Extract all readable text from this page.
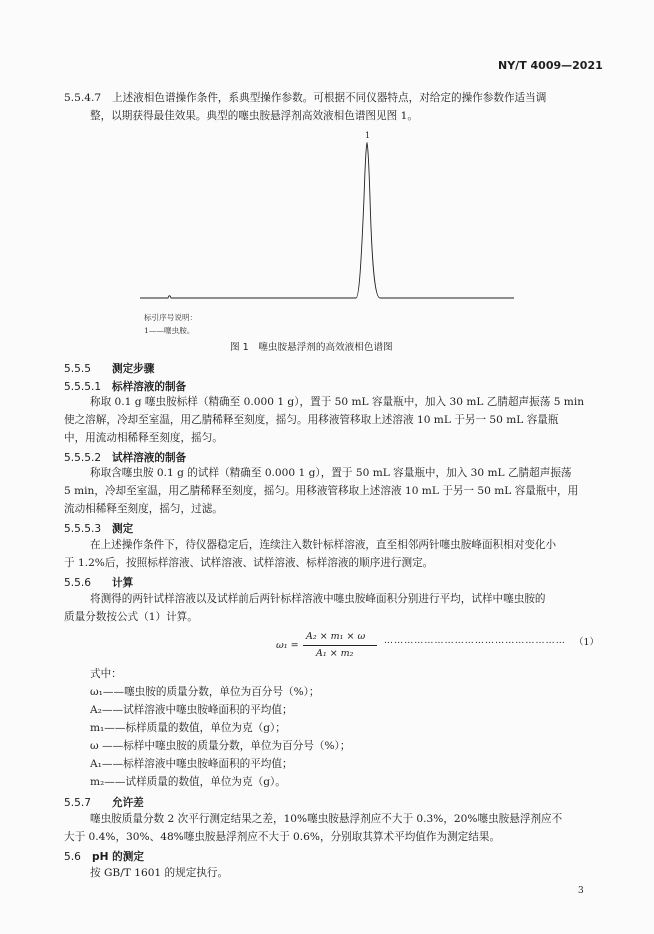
NY/T 4009—2021
5.5.4.7 上述液相色谱操作条件，系典型操作参数。可根据不同仪器特点，对给定的操作参数作适当调
整，以期获得最佳效果。典型的噻虫胺悬浮剂高效液相色谱图见图 1。
1
标引序号说明：
1——噻虫胺。
图 1　噻虫胺悬浮剂的高效液相色谱图
5.5.5 测定步骤
5.5.5.1 标样溶液的制备
称取 0.1 g 噻虫胺标样（精确至 0.000 1 g），置于 50 mL 容量瓶中，加入 30 mL 乙腈超声振荡 5 min
使之溶解，冷却至室温，用乙腈稀释至刻度，摇匀。用移液管移取上述溶液 10 mL 于另一 50 mL 容量瓶
中，用流动相稀释至刻度，摇匀。
5.5.5.2 试样溶液的制备
称取含噻虫胺 0.1 g 的试样（精确至 0.000 1 g），置于 50 mL 容量瓶中，加入 30 mL 乙腈超声振荡
5 min，冷却至室温，用乙腈稀释至刻度，摇匀。用移液管移取上述溶液 10 mL 于另一 50 mL 容量瓶中，用
流动相稀释至刻度，摇匀，过滤。
5.5.5.3 测定
在上述操作条件下，待仪器稳定后，连续注入数针标样溶液，直至相邻两针噻虫胺峰面积相对变化小
于 1.2%后，按照标样溶液、试样溶液、试样溶液、标样溶液的顺序进行测定。
5.5.6 计算
将测得的两针试样溶液以及试样前后两针标样溶液中噻虫胺峰面积分别进行平均，试样中噻虫胺的
质量分数按公式（1）计算。
ω₁ =
A₂ × m₁ × ω
A₁ × m₂
……………………………………………… （1）
式中：
ω₁——噻虫胺的质量分数，单位为百分号（%）；
A₂——试样溶液中噻虫胺峰面积的平均值；
m₁——标样质量的数值，单位为克（g）；
ω ——标样中噻虫胺的质量分数，单位为百分号（%）；
A₁——标样溶液中噻虫胺峰面积的平均值；
m₂——试样质量的数值，单位为克（g）。
5.5.7 允许差
噻虫胺质量分数 2 次平行测定结果之差，10%噻虫胺悬浮剂应不大于 0.3%，20%噻虫胺悬浮剂应不
大于 0.4%，30%、48%噻虫胺悬浮剂应不大于 0.6%，分别取其算术平均值作为测定结果。
5.6 pH 的测定
按 GB/T 1601 的规定执行。
3
